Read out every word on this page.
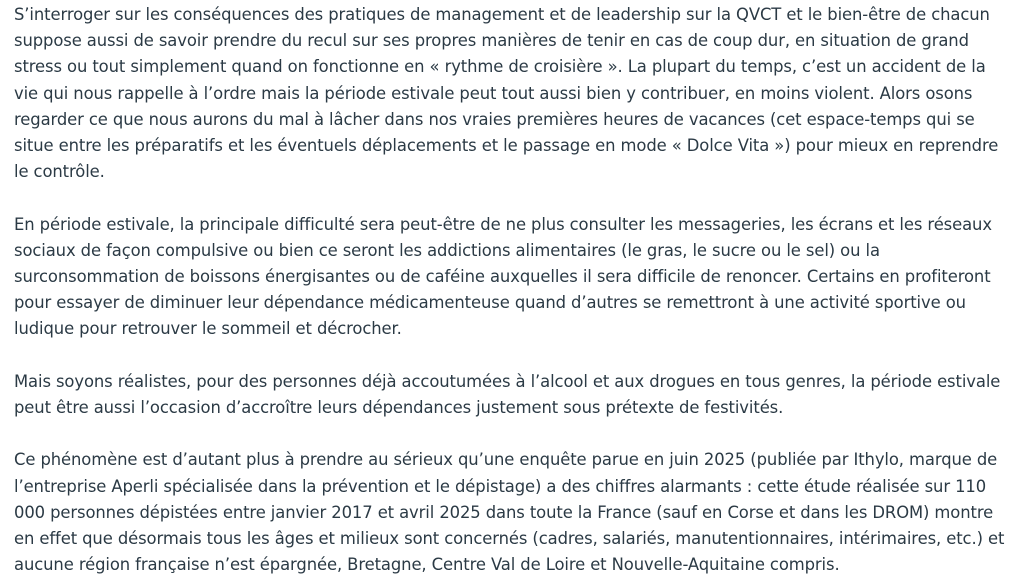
S’interroger sur les conséquences des pratiques de management et de leadership sur la QVCT et le bien-être de chacun suppose aussi de savoir prendre du recul sur ses propres manières de tenir en cas de coup dur, en situation de grand stress ou tout simplement quand on fonctionne en « rythme de croisière ». La plupart du temps, c’est un accident de la vie qui nous rappelle à l’ordre mais la période estivale peut tout aussi bien y contribuer, en moins violent. Alors osons regarder ce que nous aurons du mal à lâcher dans nos vraies premières heures de vacances (cet espace-temps qui se situe entre les préparatifs et les éventuels déplacements et le passage en mode « Dolce Vita ») pour mieux en reprendre le contrôle.

En période estivale, la principale difficulté sera peut-être de ne plus consulter les messageries, les écrans et les réseaux sociaux de façon compulsive ou bien ce seront les addictions alimentaires (le gras, le sucre ou le sel) ou la surconsommation de boissons énergisantes ou de caféine auxquelles il sera difficile de renoncer. Certains en profiteront pour essayer de diminuer leur dépendance médicamenteuse quand d’autres se remettront à une activité sportive ou ludique pour retrouver le sommeil et décrocher.

Mais soyons réalistes, pour des personnes déjà accoutumées à l’alcool et aux drogues en tous genres, la période estivale peut être aussi l’occasion d’accroître leurs dépendances justement sous prétexte de festivités.

Ce phénomène est d’autant plus à prendre au sérieux qu’une enquête parue en juin 2025 (publiée par Ithylo, marque de l’entreprise Aperli spécialisée dans la prévention et le dépistage) a des chiffres alarmants : cette étude réalisée sur 110 000 personnes dépistées entre janvier 2017 et avril 2025 dans toute la France (sauf en Corse et dans les DROM) montre en effet que désormais tous les âges et milieux sont concernés (cadres, salariés, manutentionnaires, intérimaires, etc.) et aucune région française n’est épargnée, Bretagne, Centre Val de Loire et Nouvelle-Aquitaine compris.
